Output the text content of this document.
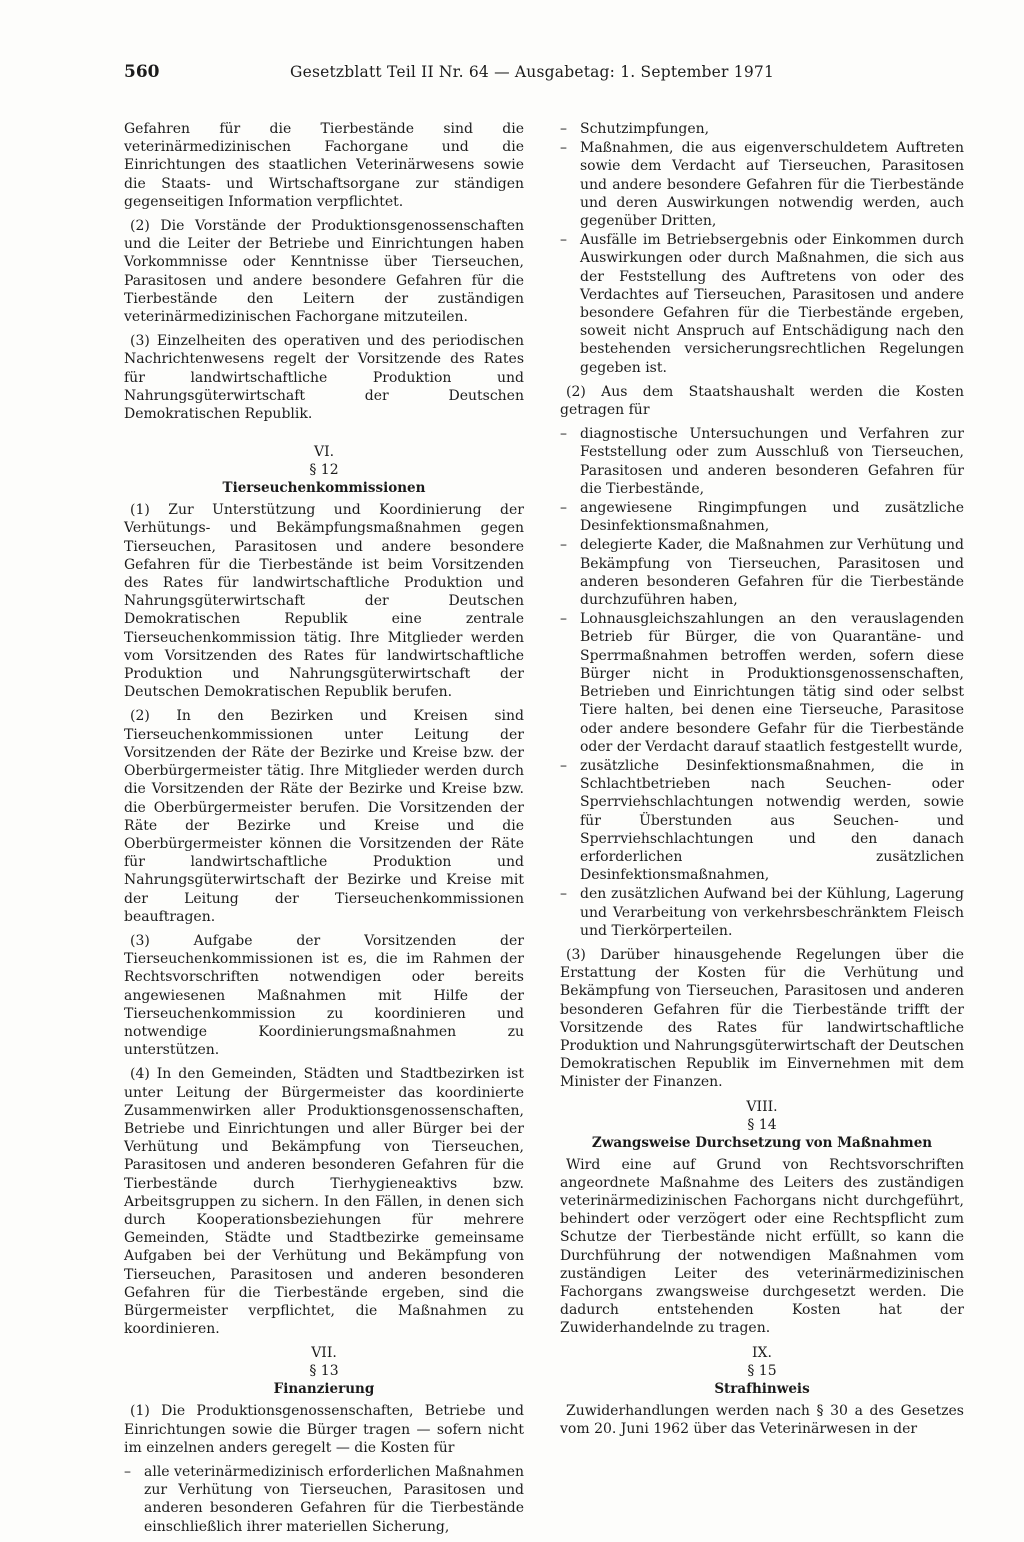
560	Gesetzblatt Teil II Nr. 64 — Ausgabetag: 1. September 1971

Gefahren für die Tierbestände sind die veterinärmedizinischen Fachorgane und die Einrichtungen des staatlichen Veterinärwesens sowie die Staats- und Wirtschaftsorgane zur ständigen gegenseitigen Information verpflichtet.

(2) Die Vorstände der Produktionsgenossenschaften und die Leiter der Betriebe und Einrichtungen haben Vorkommnisse oder Kenntnisse über Tierseuchen, Parasitosen und andere besondere Gefahren für die Tierbestände den Leitern der zuständigen veterinärmedizinischen Fachorgane mitzuteilen.

(3) Einzelheiten des operativen und des periodischen Nachrichtenwesens regelt der Vorsitzende des Rates für landwirtschaftliche Produktion und Nahrungsgüterwirtschaft der Deutschen Demokratischen Republik.

VI.
§ 12
Tierseuchenkommissionen

(1) Zur Unterstützung und Koordinierung der Verhütungs- und Bekämpfungsmaßnahmen gegen Tierseuchen, Parasitosen und andere besondere Gefahren für die Tierbestände ist beim Vorsitzenden des Rates für landwirtschaftliche Produktion und Nahrungsgüterwirtschaft der Deutschen Demokratischen Republik eine zentrale Tierseuchenkommission tätig. Ihre Mitglieder werden vom Vorsitzenden des Rates für landwirtschaftliche Produktion und Nahrungsgüterwirtschaft der Deutschen Demokratischen Republik berufen.

(2) In den Bezirken und Kreisen sind Tierseuchenkommissionen unter Leitung der Vorsitzenden der Räte der Bezirke und Kreise bzw. der Oberbürgermeister tätig. Ihre Mitglieder werden durch die Vorsitzenden der Räte der Bezirke und Kreise bzw. die Oberbürgermeister berufen. Die Vorsitzenden der Räte der Bezirke und Kreise und die Oberbürgermeister können die Vorsitzenden der Räte für landwirtschaftliche Produktion und Nahrungsgüterwirtschaft der Bezirke und Kreise mit der Leitung der Tierseuchenkommissionen beauftragen.

(3) Aufgabe der Vorsitzenden der Tierseuchenkommissionen ist es, die im Rahmen der Rechtsvorschriften notwendigen oder bereits angewiesenen Maßnahmen mit Hilfe der Tierseuchenkommission zu koordinieren und notwendige Koordinierungsmaßnahmen zu unterstützen.

(4) In den Gemeinden, Städten und Stadtbezirken ist unter Leitung der Bürgermeister das koordinierte Zusammenwirken aller Produktionsgenossenschaften, Betriebe und Einrichtungen und aller Bürger bei der Verhütung und Bekämpfung von Tierseuchen, Parasitosen und anderen besonderen Gefahren für die Tierbestände durch Tierhygieneaktivs bzw. Arbeitsgruppen zu sichern. In den Fällen, in denen sich durch Kooperationsbeziehungen für mehrere Gemeinden, Städte und Stadtbezirke gemeinsame Aufgaben bei der Verhütung und Bekämpfung von Tierseuchen, Parasitosen und anderen besonderen Gefahren für die Tierbestände ergeben, sind die Bürgermeister verpflichtet, die Maßnahmen zu koordinieren.

VII.
§ 13
Finanzierung

(1) Die Produktionsgenossenschaften, Betriebe und Einrichtungen sowie die Bürger tragen — sofern nicht im einzelnen anders geregelt — die Kosten für

– alle veterinärmedizinisch erforderlichen Maßnahmen zur Verhütung von Tierseuchen, Parasitosen und anderen besonderen Gefahren für die Tierbestände einschließlich ihrer materiellen Sicherung,
– Schutzimpfungen,
– Maßnahmen, die aus eigenverschuldetem Auftreten sowie dem Verdacht auf Tierseuchen, Parasitosen und andere besondere Gefahren für die Tierbestände und deren Auswirkungen notwendig werden, auch gegenüber Dritten,
– Ausfälle im Betriebsergebnis oder Einkommen durch Auswirkungen oder durch Maßnahmen, die sich aus der Feststellung des Auftretens von oder des Verdachtes auf Tierseuchen, Parasitosen und andere besondere Gefahren für die Tierbestände ergeben, soweit nicht Anspruch auf Entschädigung nach den bestehenden versicherungsrechtlichen Regelungen gegeben ist.

(2) Aus dem Staatshaushalt werden die Kosten getragen für

– diagnostische Untersuchungen und Verfahren zur Feststellung oder zum Ausschluß von Tierseuchen, Parasitosen und anderen besonderen Gefahren für die Tierbestände,
– angewiesene Ringimpfungen und zusätzliche Desinfektionsmaßnahmen,
– delegierte Kader, die Maßnahmen zur Verhütung und Bekämpfung von Tierseuchen, Parasitosen und anderen besonderen Gefahren für die Tierbestände durchzuführen haben,
– Lohnausgleichszahlungen an den verauslagenden Betrieb für Bürger, die von Quarantäne- und Sperrmaßnahmen betroffen werden, sofern diese Bürger nicht in Produktionsgenossenschaften, Betrieben und Einrichtungen tätig sind oder selbst Tiere halten, bei denen eine Tierseuche, Parasitose oder andere besondere Gefahr für die Tierbestände oder der Verdacht darauf staatlich festgestellt wurde,
– zusätzliche Desinfektionsmaßnahmen, die in Schlachtbetrieben nach Seuchen- oder Sperrviehschlachtungen notwendig werden, sowie für Überstunden aus Seuchen- und Sperrviehschlachtungen und den danach erforderlichen zusätzlichen Desinfektionsmaßnahmen,
– den zusätzlichen Aufwand bei der Kühlung, Lagerung und Verarbeitung von verkehrsbeschränktem Fleisch und Tierkörperteilen.

(3) Darüber hinausgehende Regelungen über die Erstattung der Kosten für die Verhütung und Bekämpfung von Tierseuchen, Parasitosen und anderen besonderen Gefahren für die Tierbestände trifft der Vorsitzende des Rates für landwirtschaftliche Produktion und Nahrungsgüterwirtschaft der Deutschen Demokratischen Republik im Einvernehmen mit dem Minister der Finanzen.

VIII.
§ 14
Zwangsweise Durchsetzung von Maßnahmen

Wird eine auf Grund von Rechtsvorschriften angeordnete Maßnahme des Leiters des zuständigen veterinärmedizinischen Fachorgans nicht durchgeführt, behindert oder verzögert oder eine Rechtspflicht zum Schutze der Tierbestände nicht erfüllt, so kann die Durchführung der notwendigen Maßnahmen vom zuständigen Leiter des veterinärmedizinischen Fachorgans zwangsweise durchgesetzt werden. Die dadurch entstehenden Kosten hat der Zuwiderhandelnde zu tragen.

IX.
§ 15
Strafhinweis

Zuwiderhandlungen werden nach § 30 a des Gesetzes vom 20. Juni 1962 über das Veterinärwesen in der
